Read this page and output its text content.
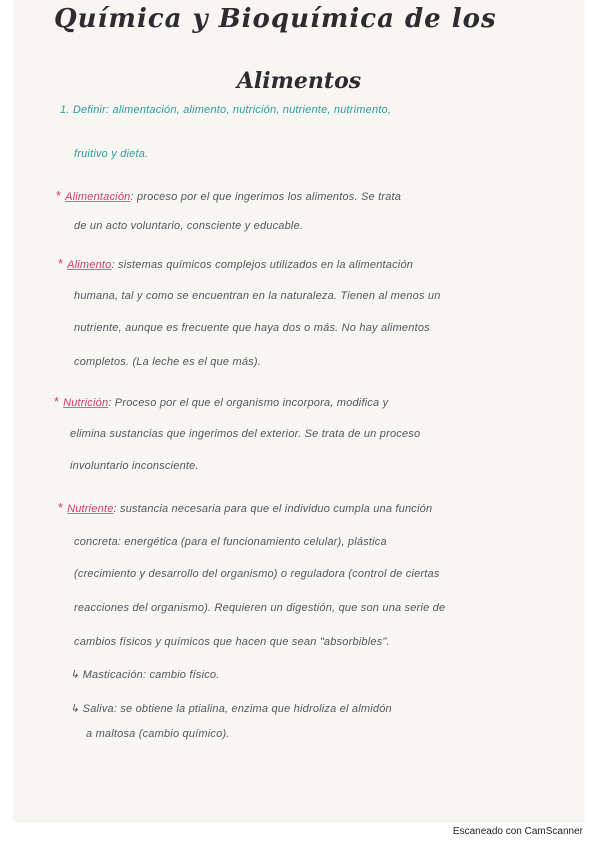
Química y Bioquímica de los
Alimentos

1. Definir: alimentación, alimento, nutrición, nutriente, nutrimento,

fruitivo y dieta.

* Alimentación: proceso por el que ingerimos los alimentos. Se trata

de un acto voluntario, consciente y educable.

* Alimento: sistemas químicos complejos utilizados en la alimentación

humana, tal y como se encuentran en la naturaleza. Tienen al menos un

nutriente, aunque es frecuente que haya dos o más. No hay alimentos

completos. (La leche es el que más).

* Nutrición: Proceso por el que el organismo incorpora, modifica y

elimina sustancias que ingerimos del exterior. Se trata de un proceso

involuntario inconsciente.

* Nutriente: sustancia necesaria para que el individuo cumpla una función

concreta: energética (para el funcionamiento celular), plástica

(crecimiento y desarrollo del organismo) o reguladora (control de ciertas

reacciones del organismo). Requieren un digestión, que son una serie de

cambios físicos y químicos que hacen que sean "absorbibles".

↳ Masticación: cambio físico.

↳ Saliva: se obtiene la ptialina, enzima que hidroliza el almidón

a maltosa (cambio químico).

Escaneado con CamScanner
